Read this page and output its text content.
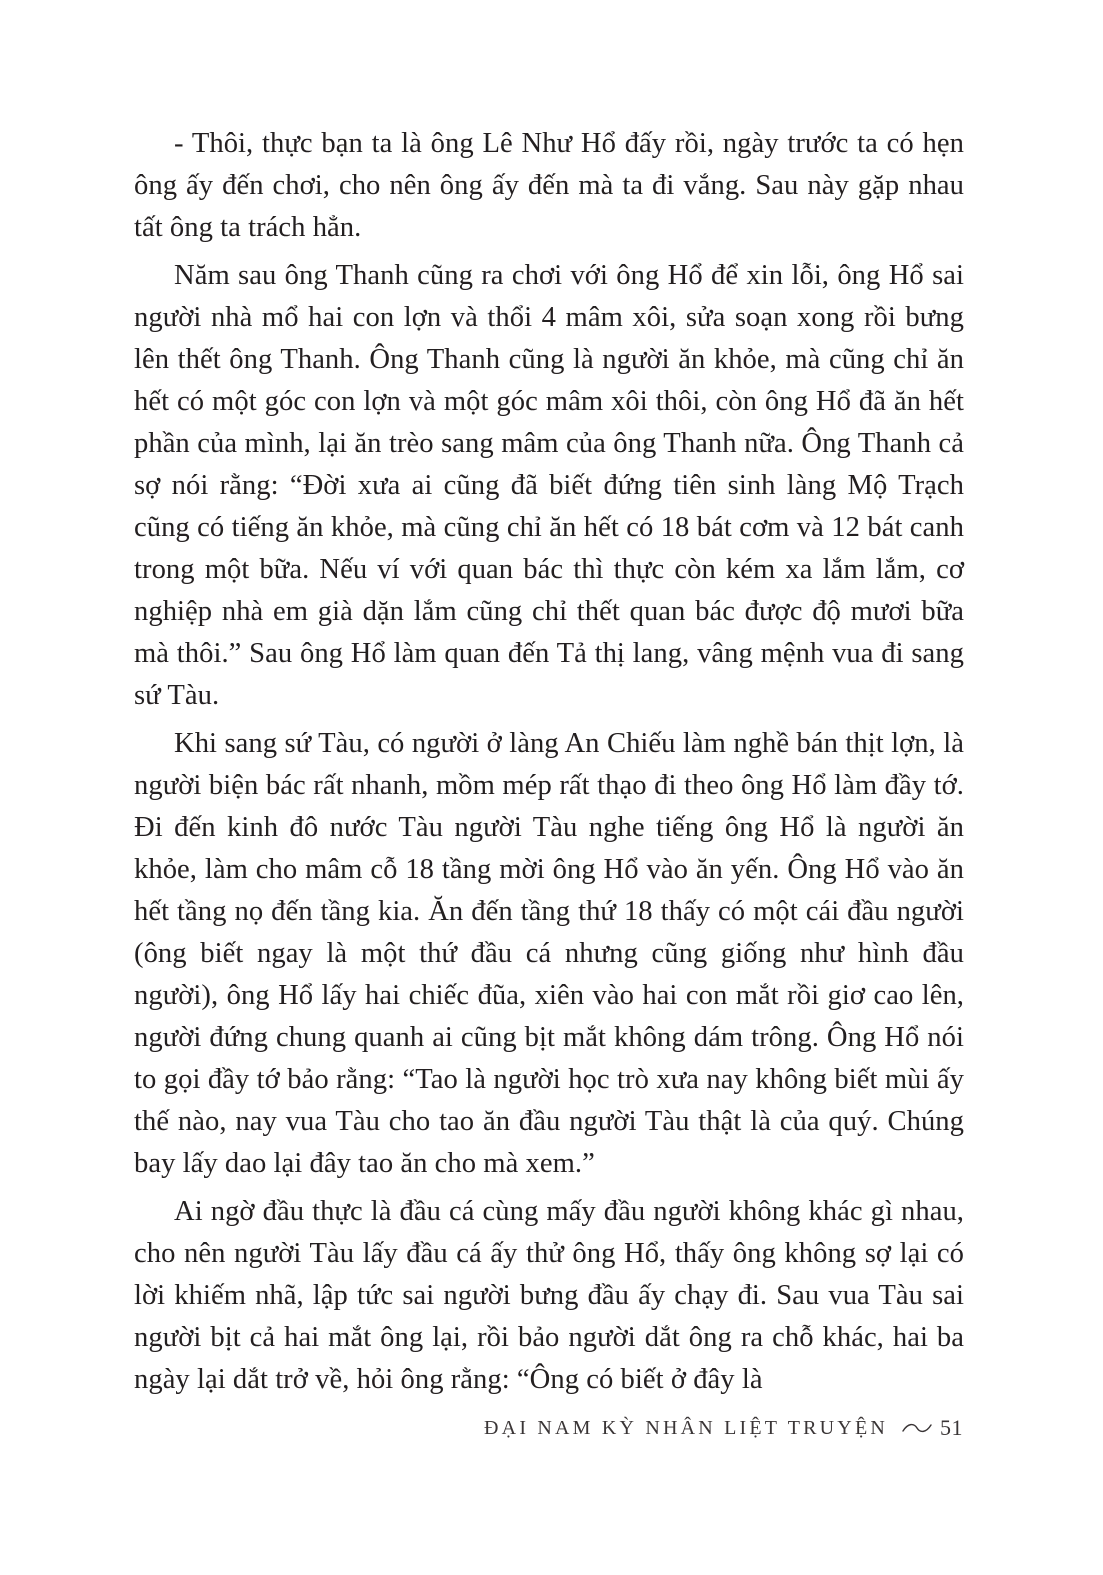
- Thôi, thực bạn ta là ông Lê Như Hổ đấy rồi, ngày trước ta có hẹn ông ấy đến chơi, cho nên ông ấy đến mà ta đi vắng. Sau này gặp nhau tất ông ta trách hẳn.

Năm sau ông Thanh cũng ra chơi với ông Hổ để xin lỗi, ông Hổ sai người nhà mổ hai con lợn và thổi 4 mâm xôi, sửa soạn xong rồi bưng lên thết ông Thanh. Ông Thanh cũng là người ăn khỏe, mà cũng chỉ ăn hết có một góc con lợn và một góc mâm xôi thôi, còn ông Hổ đã ăn hết phần của mình, lại ăn trèo sang mâm của ông Thanh nữa. Ông Thanh cả sợ nói rằng: “Đời xưa ai cũng đã biết đứng tiên sinh làng Mộ Trạch cũng có tiếng ăn khỏe, mà cũng chỉ ăn hết có 18 bát cơm và 12 bát canh trong một bữa. Nếu ví với quan bác thì thực còn kém xa lắm lắm, cơ nghiệp nhà em già dặn lắm cũng chỉ thết quan bác được độ mươi bữa mà thôi.” Sau ông Hổ làm quan đến Tả thị lang, vâng mệnh vua đi sang sứ Tàu.

Khi sang sứ Tàu, có người ở làng An Chiếu làm nghề bán thịt lợn, là người biện bác rất nhanh, mồm mép rất thạo đi theo ông Hổ làm đầy tớ. Đi đến kinh đô nước Tàu người Tàu nghe tiếng ông Hổ là người ăn khỏe, làm cho mâm cỗ 18 tầng mời ông Hổ vào ăn yến. Ông Hổ vào ăn hết tầng nọ đến tầng kia. Ăn đến tầng thứ 18 thấy có một cái đầu người (ông biết ngay là một thứ đầu cá nhưng cũng giống như hình đầu người), ông Hổ lấy hai chiếc đũa, xiên vào hai con mắt rồi giơ cao lên, người đứng chung quanh ai cũng bịt mắt không dám trông. Ông Hổ nói to gọi đầy tớ bảo rằng: “Tao là người học trò xưa nay không biết mùi ấy thế nào, nay vua Tàu cho tao ăn đầu người Tàu thật là của quý. Chúng bay lấy dao lại đây tao ăn cho mà xem.”

Ai ngờ đầu thực là đầu cá cùng mấy đầu người không khác gì nhau, cho nên người Tàu lấy đầu cá ấy thử ông Hổ, thấy ông không sợ lại có lời khiếm nhã, lập tức sai người bưng đầu ấy chạy đi. Sau vua Tàu sai người bịt cả hai mắt ông lại, rồi bảo người dắt ông ra chỗ khác, hai ba ngày lại dắt trở về, hỏi ông rằng: “Ông có biết ở đây là

ĐẠI NAM KỲ NHÂN LIỆT TRUYỆN 51
